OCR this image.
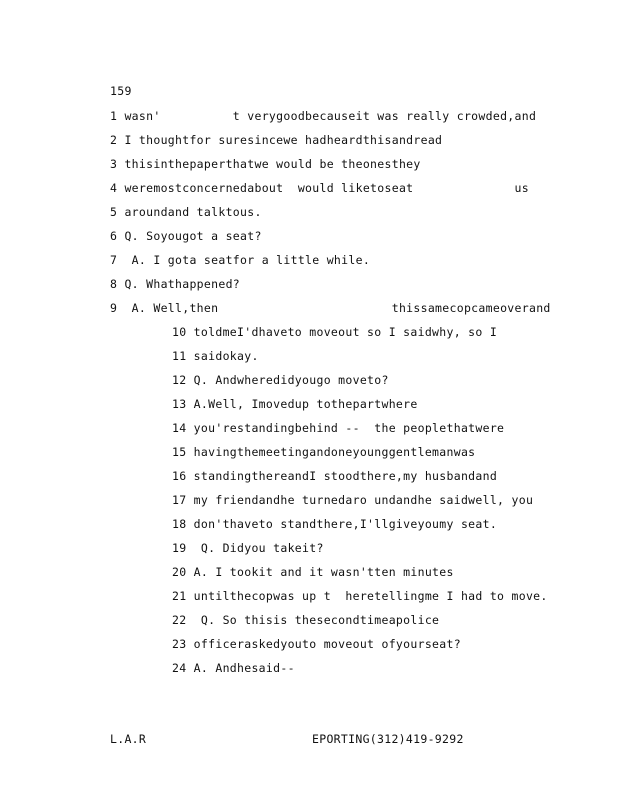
159
1 wasn'          t verygoodbecauseit was really crowded,and
2 I thoughtfor suresincewe hadheardthisandread
3 thisinthepaperthatwe would be theonesthey
4 weremostconcernedabout  would liketoseat              us
5 aroundand talktous.
6 Q. Soyougot a seat?
7  A. I gota seatfor a little while.
8 Q. Whathappened?
9  A. Well,then                        thissamecopcameoverand
10 toldmeI'dhaveto moveout so I saidwhy, so I
11 saidokay.
12 Q. Andwheredidyougo moveto?
13 A.Well, Imovedup tothepartwhere
14 you'restandingbehind --  the peoplethatwere
15 havingthemeetingandoneyounggentlemanwas
16 standingthereandI stoodthere,my husbandand
17 my friendandhe turnedaro undandhe saidwell, you
18 don'thaveto standthere,I'llgiveyoumy seat.
19  Q. Didyou takeit?
20 A. I tookit and it wasn'tten minutes
21 untilthecopwas up t  heretellingme I had to move.
22  Q. So thisis thesecondtimeapolice
23 officeraskedyouto moveout ofyourseat?
24 A. Andhesaid--
L.A.R	EPORTING(312)419-9292
